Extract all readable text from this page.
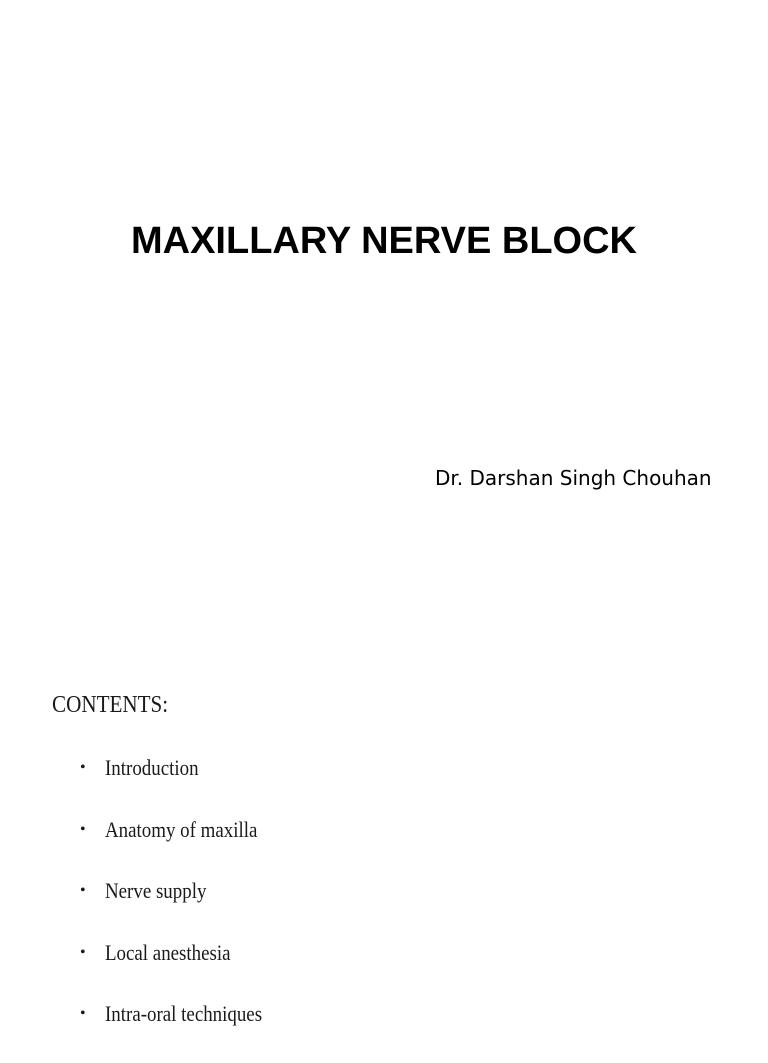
MAXILLARY NERVE BLOCK

Dr. Darshan Singh Chouhan

CONTENTS:

• Introduction
• Anatomy of maxilla
• Nerve supply
• Local anesthesia
• Intra-oral techniques
